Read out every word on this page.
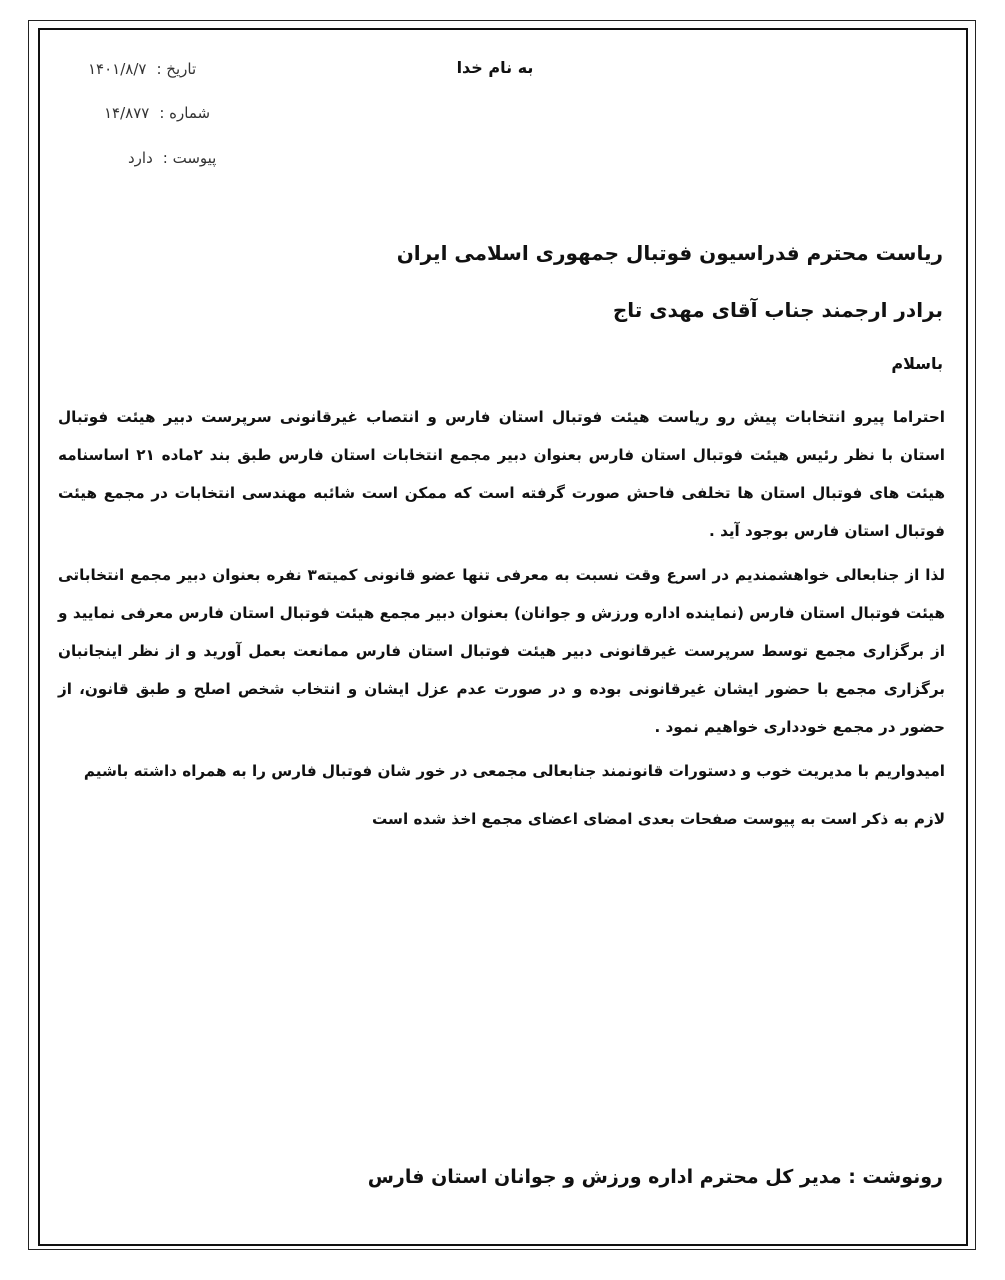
به نام خدا
تاریخ :۱۴۰۱/۸/۷
شماره :۱۴/۸۷۷
پیوست :دارد
ریاست محترم فدراسیون فوتبال جمهوری اسلامی ایران
برادر ارجمند جناب آقای مهدی تاج
باسلام
احتراما پیرو انتخابات پیش رو ریاست هیئت فوتبال استان فارس و انتصاب غیرقانونی سرپرست دبیر هیئت فوتبال استان با نظر رئیس هیئت فوتبال استان فارس بعنوان دبیر مجمع انتخابات استان فارس طبق بند ۲ماده ۲۱ اساسنامه هیئت های فوتبال استان ها تخلفی فاحش صورت گرفته است که ممکن است شائبه مهندسی انتخابات در مجمع هیئت فوتبال استان فارس بوجود آید .
لذا از جنابعالی خواهشمندیم در اسرع وقت نسبت به معرفی تنها عضو قانونی کمیته۳ نفره بعنوان دبیر مجمع انتخاباتی هیئت فوتبال استان فارس (نماینده اداره ورزش و جوانان) بعنوان دبیر مجمع هیئت فوتبال استان فارس معرفی نمایید و از برگزاری مجمع توسط سرپرست غیرقانونی دبیر هیئت فوتبال استان فارس ممانعت بعمل آورید و از نظر اینجانبان برگزاری مجمع با حضور ایشان غیرقانونی بوده و در صورت عدم عزل ایشان و انتخاب شخص اصلح و طبق قانون، از حضور در مجمع خودداری خواهیم نمود .
امیدواریم با مدیریت خوب و دستورات قانونمند جنابعالی مجمعی در خور شان فوتبال فارس را به همراه داشته باشیم
لازم به ذکر است به پیوست صفحات بعدی امضای اعضای مجمع اخذ شده است
رونوشت : مدیر کل محترم اداره ورزش و جوانان استان فارس
